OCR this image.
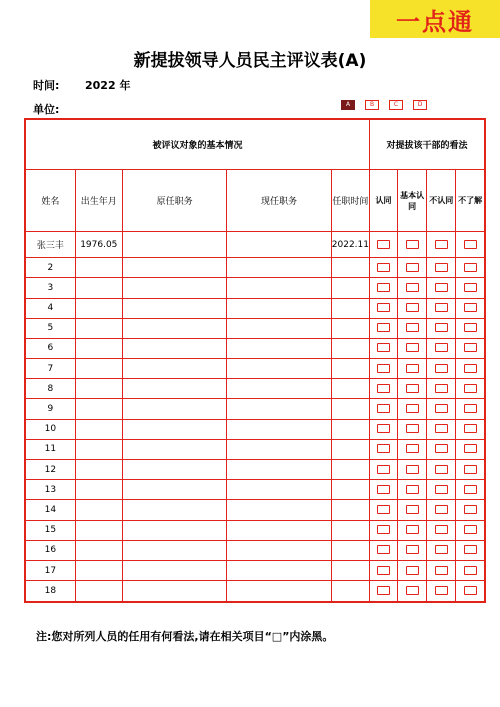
一点通
新提拔领导人员民主评议表(A)
时间: 2022 年
单位:	A	B	C	D
被评议对象的基本情况					对提拔该干部的看法			
姓名	出生年月	原任职务	现任职务	任职时间	认同	基本认同	不认同	不了解
张三丰	1976.05			2022.11				
2								
3								
4								
5								
6								
7								
8								
9								
10								
11								
12								
13								
14								
15								
16								
17								
18								
注:您对所列人员的任用有何看法,请在相关项目“□”内涂黑。
